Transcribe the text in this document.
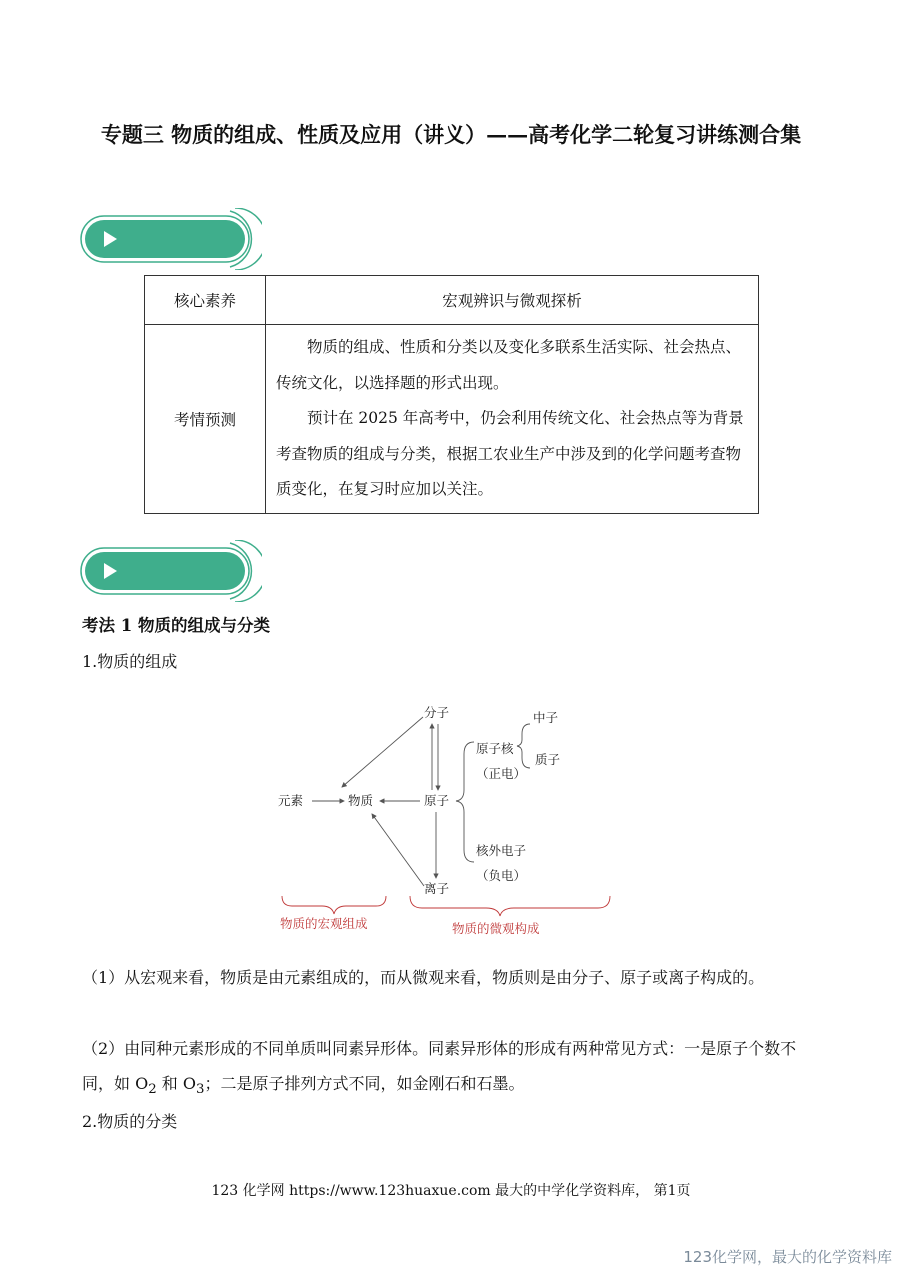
专题三 物质的组成、性质及应用（讲义）——高考化学二轮复习讲练测合集
核心素养	宏观辨识与微观探析
考情预测	物质的组成、性质和分类以及变化多联系生活实际、社会热点、传统文化，以选择题的形式出现。

预计在 2025 年高考中，仍会利用传统文化、社会热点等为背景考查物质的组成与分类，根据工农业生产中涉及到的化学问题考查物质变化，在复习时应加以关注。

考法 1 物质的组成与分类
1.物质的组成
元素	物质
分子
原子
离子
原子核
（正电）
中子
质子
核外电子
（负电）
物质的宏观组成	物质的微观构成
（1）从宏观来看，物质是由元素组成的，而从微观来看，物质则是由分子、原子或离子构成的。
（2）由同种元素形成的不同单质叫同素异形体。同素异形体的形成有两种常见方式：一是原子个数不同，如 $O_2$ 和 $O_3$；二是原子排列方式不同，如金刚石和石墨。
2.物质的分类
123 化学网 https://www.123huaxue.com 最大的中学化学资料库， 第1页
123化学网，最大的化学资料库
